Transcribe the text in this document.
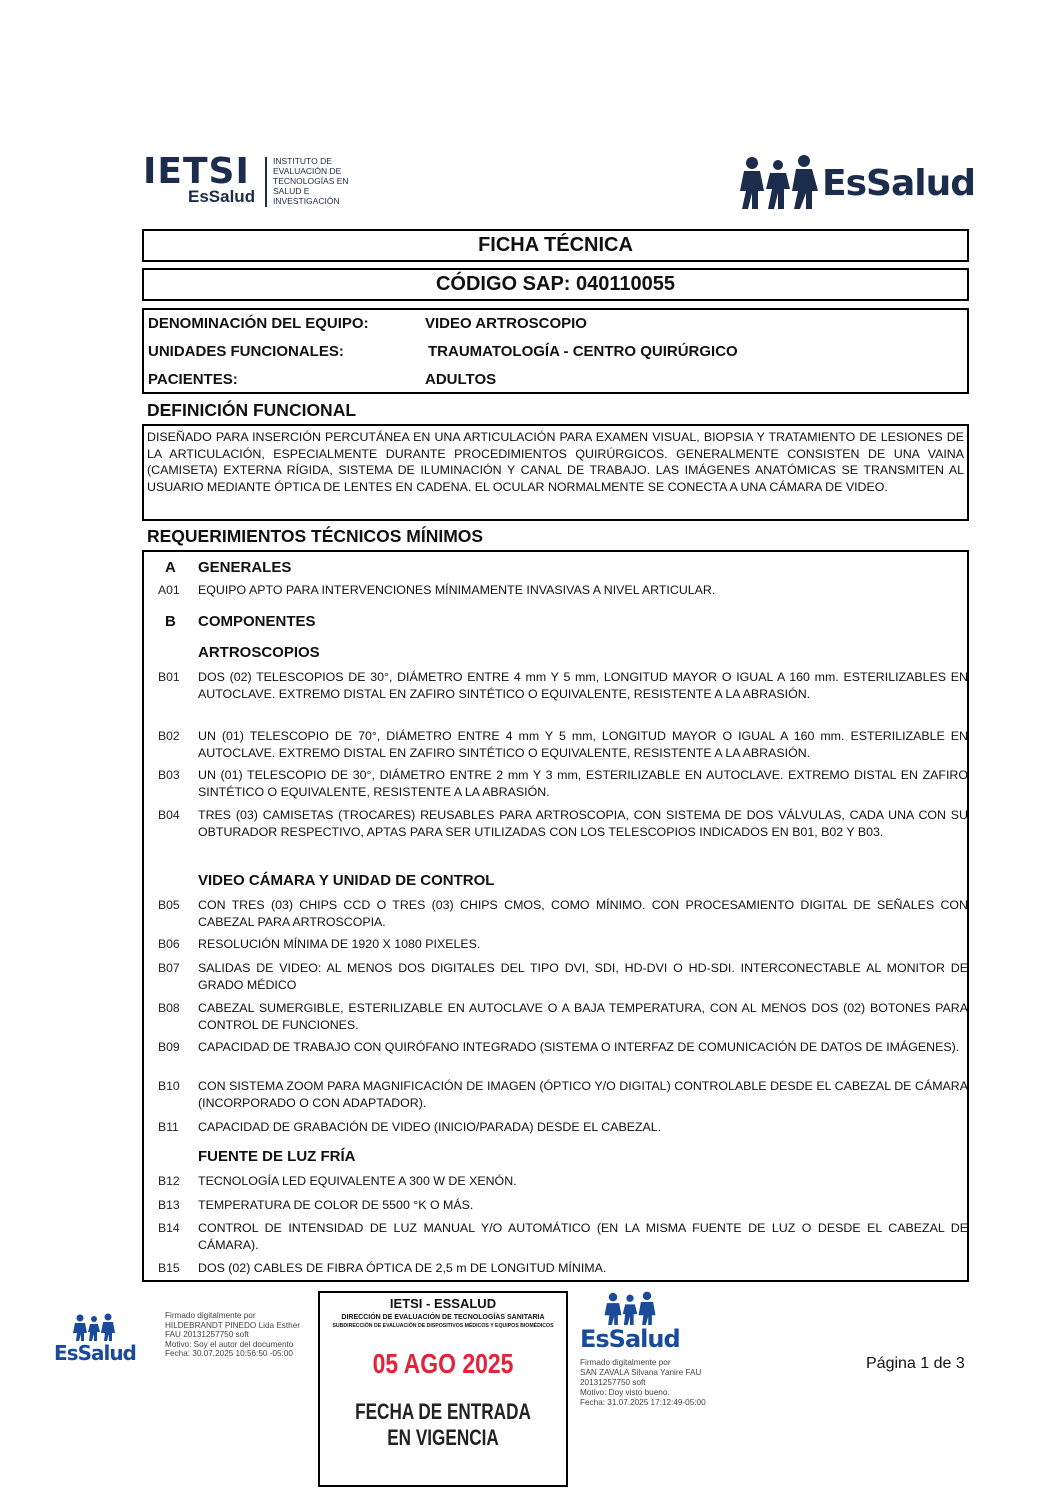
IETSI
EsSalud
INSTITUTO DE
EVALUACIÓN DE
TECNOLOGÍAS EN
SALUD E
INVESTIGACIÓN	EsSalud
FICHA TÉCNICA
CÓDIGO SAP: 040110055
DENOMINACIÓN DEL EQUIPO:	VIDEO ARTROSCOPIO
UNIDADES FUNCIONALES:	TRAUMATOLOGÍA - CENTRO QUIRÚRGICO
PACIENTES:	ADULTOS
DEFINICIÓN FUNCIONAL
DISEÑADO PARA INSERCIÓN PERCUTÁNEA EN UNA ARTICULACIÓN PARA EXAMEN VISUAL, BIOPSIA Y TRATAMIENTO DE LESIONES DE LA ARTICULACIÓN, ESPECIALMENTE DURANTE PROCEDIMIENTOS QUIRÚRGICOS. GENERALMENTE CONSISTEN DE UNA VAINA (CAMISETA) EXTERNA RÍGIDA, SISTEMA DE ILUMINACIÓN Y CANAL DE TRABAJO. LAS IMÁGENES ANATÓMICAS SE TRANSMITEN AL USUARIO MEDIANTE ÓPTICA DE LENTES EN CADENA. EL OCULAR NORMALMENTE SE CONECTA A UNA CÁMARA DE VIDEO.
REQUERIMIENTOS TÉCNICOS MÍNIMOS
A GENERALES
A01	EQUIPO APTO PARA INTERVENCIONES MÍNIMAMENTE INVASIVAS A NIVEL ARTICULAR.
B COMPONENTES
ARTROSCOPIOS
B01	DOS (02) TELESCOPIOS DE 30°, DIÁMETRO ENTRE 4 mm Y 5 mm, LONGITUD MAYOR O IGUAL A 160 mm. ESTERILIZABLES EN AUTOCLAVE. EXTREMO DISTAL EN ZAFIRO SINTÉTICO O EQUIVALENTE, RESISTENTE A LA ABRASIÓN.
B02	UN (01) TELESCOPIO DE 70°, DIÁMETRO ENTRE 4 mm Y 5 mm, LONGITUD MAYOR O IGUAL A 160 mm. ESTERILIZABLE EN AUTOCLAVE. EXTREMO DISTAL EN ZAFIRO SINTÉTICO O EQUIVALENTE, RESISTENTE A LA ABRASIÓN.
B03	UN (01) TELESCOPIO DE 30°, DIÁMETRO ENTRE 2 mm Y 3 mm, ESTERILIZABLE EN AUTOCLAVE. EXTREMO DISTAL EN ZAFIRO SINTÉTICO O EQUIVALENTE, RESISTENTE A LA ABRASIÓN.
B04	TRES (03) CAMISETAS (TROCARES) REUSABLES PARA ARTROSCOPIA, CON SISTEMA DE DOS VÁLVULAS, CADA UNA CON SU OBTURADOR RESPECTIVO, APTAS PARA SER UTILIZADAS CON LOS TELESCOPIOS INDICADOS EN B01, B02 Y B03.
VIDEO CÁMARA Y UNIDAD DE CONTROL
B05	CON TRES (03) CHIPS CCD O TRES (03) CHIPS CMOS, COMO MÍNIMO. CON PROCESAMIENTO DIGITAL DE SEÑALES CON CABEZAL PARA ARTROSCOPIA.
B06	RESOLUCIÓN MÍNIMA DE 1920 X 1080 PIXELES.
B07	SALIDAS DE VIDEO: AL MENOS DOS DIGITALES DEL TIPO DVI, SDI, HD-DVI O HD-SDI. INTERCONECTABLE AL MONITOR DE GRADO MÉDICO
B08	CABEZAL SUMERGIBLE, ESTERILIZABLE EN AUTOCLAVE O A BAJA TEMPERATURA, CON AL MENOS DOS (02) BOTONES PARA CONTROL DE FUNCIONES.
B09	CAPACIDAD DE TRABAJO CON QUIRÓFANO INTEGRADO (SISTEMA O INTERFAZ DE COMUNICACIÓN DE DATOS DE IMÁGENES).
B10	CON SISTEMA ZOOM PARA MAGNIFICACIÓN DE IMAGEN (ÓPTICO Y/O DIGITAL) CONTROLABLE DESDE EL CABEZAL DE CÁMARA (INCORPORADO O CON ADAPTADOR).
B11	CAPACIDAD DE GRABACIÓN DE VIDEO (INICIO/PARADA) DESDE EL CABEZAL.
FUENTE DE LUZ FRÍA
B12	TECNOLOGÍA LED EQUIVALENTE A 300 W DE XENÓN.
B13	TEMPERATURA DE COLOR DE 5500 °K O MÁS.
B14	CONTROL DE INTENSIDAD DE LUZ MANUAL Y/O AUTOMÁTICO (EN LA MISMA FUENTE DE LUZ O DESDE EL CABEZAL DE CÁMARA).
B15	DOS (02) CABLES DE FIBRA ÓPTICA DE 2,5 m DE LONGITUD MÍNIMA.
EsSalud
Firmado digitalmente por
HILDEBRANDT PINEDO Lida Esther
FAU 20131257750 soft
Motivo: Soy el autor del documento
Fecha: 30.07.2025 10:56:50 -05:00
IETSI - ESSALUD
DIRECCIÓN DE EVALUACIÓN DE TECNOLOGÍAS SANITARIA
SUBDIRECCIÓN DE EVALUACIÓN DE DISPOSITIVOS MÉDICOS Y EQUIPOS BIOMÉDICOS
05 AGO 2025
FECHA DE ENTRADA EN VIGENCIA
EsSalud
Firmado digitalmente por
SAN ZAVALA Silvana Yanire FAU
20131257750 soft
Motivo: Doy visto bueno.
Fecha: 31.07.2025 17:12:49-05:00
Página 1 de 3
